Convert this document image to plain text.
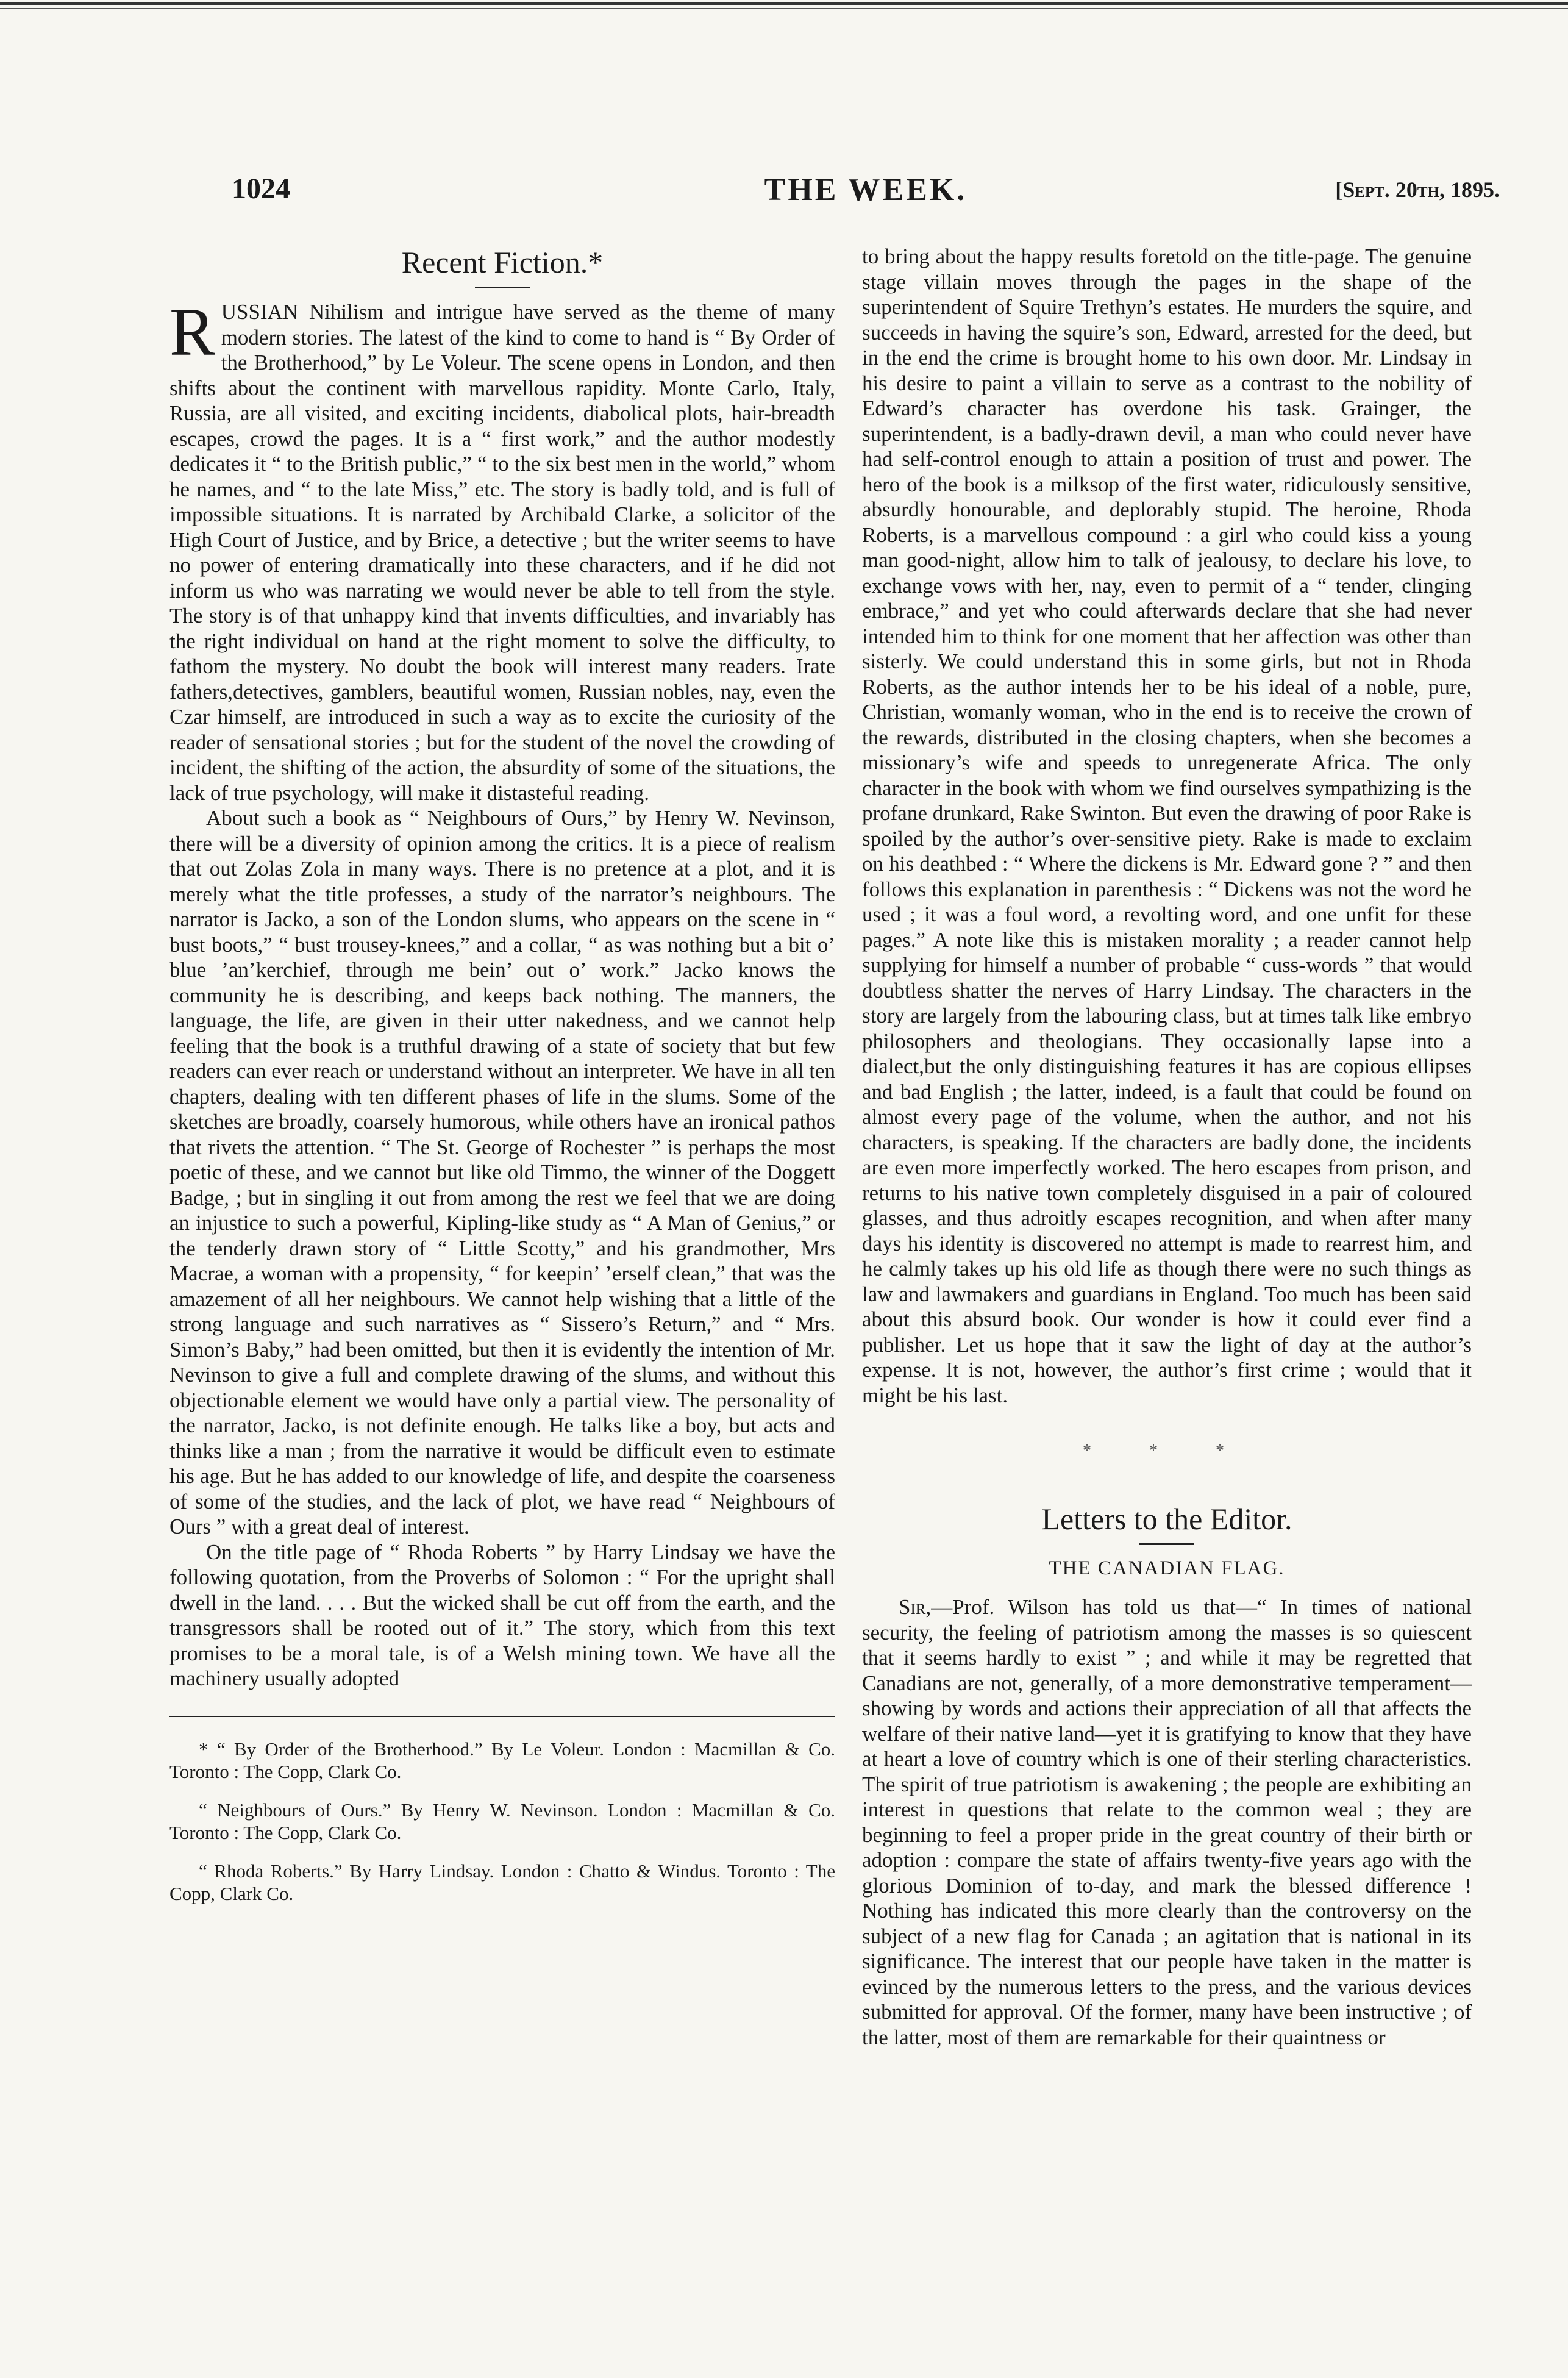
1024	THE WEEK.	[Sept. 20th, 1895.
Recent Fiction.*

RUSSIAN Nihilism and intrigue have served as the theme of many modern stories. The latest of the kind to come to hand is “ By Order of the Brotherhood,” by Le Voleur. The scene opens in London, and then shifts about the continent with marvellous rapidity. Monte Carlo, Italy, Russia, are all visited, and exciting incidents, diabolical plots, hair-breadth escapes, crowd the pages. It is a “ first work,” and the author modestly dedicates it “ to the British public,” “ to the six best men in the world,” whom he names, and “ to the late Miss,” etc. The story is badly told, and is full of impossible situations. It is narrated by Archibald Clarke, a solicitor of the High Court of Justice, and by Brice, a detective ; but the writer seems to have no power of entering dramatically into these characters, and if he did not inform us who was narrating we would never be able to tell from the style. The story is of that unhappy kind that invents difficulties, and invariably has the right individual on hand at the right moment to solve the difficulty, to fathom the mystery. No doubt the book will interest many readers. Irate fathers,detectives, gamblers, beautiful women, Russian nobles, nay, even the Czar himself, are introduced in such a way as to excite the curiosity of the reader of sensational stories ; but for the student of the novel the crowding of incident, the shifting of the action, the absurdity of some of the situations, the lack of true psychology, will make it distasteful reading.

About such a book as “ Neighbours of Ours,” by Henry W. Nevinson, there will be a diversity of opinion among the critics. It is a piece of realism that out Zolas Zola in many ways. There is no pretence at a plot, and it is merely what the title professes, a study of the narrator’s neighbours. The narrator is Jacko, a son of the London slums, who appears on the scene in “ bust boots,” “ bust trousey-knees,” and a collar, “ as was nothing but a bit o’ blue ’an’kerchief, through me bein’ out o’ work.” Jacko knows the community he is describing, and keeps back nothing. The manners, the language, the life, are given in their utter nakedness, and we cannot help feeling that the book is a truthful drawing of a state of society that but few readers can ever reach or understand without an interpreter. We have in all ten chapters, dealing with ten different phases of life in the slums. Some of the sketches are broadly, coarsely humorous, while others have an ironical pathos that rivets the attention. “ The St. George of Rochester ” is perhaps the most poetic of these, and we cannot but like old Timmo, the winner of the Doggett Badge, ; but in singling it out from among the rest we feel that we are doing an injustice to such a powerful, Kipling-like study as “ A Man of Genius,” or the tenderly drawn story of “ Little Scotty,” and his grandmother, Mrs Macrae, a woman with a propensity, “ for keepin’ ’erself clean,” that was the amazement of all her neighbours. We cannot help wishing that a little of the strong language and such narratives as “ Sissero’s Return,” and “ Mrs. Simon’s Baby,” had been omitted, but then it is evidently the intention of Mr. Nevinson to give a full and complete drawing of the slums, and without this objectionable element we would have only a partial view. The personality of the narrator, Jacko, is not definite enough. He talks like a boy, but acts and thinks like a man ; from the narrative it would be difficult even to estimate his age. But he has added to our knowledge of life, and despite the coarseness of some of the studies, and the lack of plot, we have read “ Neighbours of Ours ” with a great deal of interest.

On the title page of “ Rhoda Roberts ” by Harry Lindsay we have the following quotation, from the Proverbs of Solomon : “ For the upright shall dwell in the land. . . . But the wicked shall be cut off from the earth, and the transgressors shall be rooted out of it.” The story, which from this text promises to be a moral tale, is of a Welsh mining town. We have all the machinery usually adopted

* “ By Order of the Brotherhood.” By Le Voleur. London : Macmillan & Co. Toronto : The Copp, Clark Co.

“ Neighbours of Ours.” By Henry W. Nevinson. London : Macmillan & Co. Toronto : The Copp, Clark Co.

“ Rhoda Roberts.” By Harry Lindsay. London : Chatto & Windus. Toronto : The Copp, Clark Co.

to bring about the happy results foretold on the title-page. The genuine stage villain moves through the pages in the shape of the superintendent of Squire Trethyn’s estates. He murders the squire, and succeeds in having the squire’s son, Edward, arrested for the deed, but in the end the crime is brought home to his own door. Mr. Lindsay in his desire to paint a villain to serve as a contrast to the nobility of Edward’s character has overdone his task. Grainger, the superintendent, is a badly-drawn devil, a man who could never have had self-control enough to attain a position of trust and power. The hero of the book is a milksop of the first water, ridiculously sensitive, absurdly honourable, and deplorably stupid. The heroine, Rhoda Roberts, is a marvellous compound : a girl who could kiss a young man good-night, allow him to talk of jealousy, to declare his love, to exchange vows with her, nay, even to permit of a “ tender, clinging embrace,” and yet who could afterwards declare that she had never intended him to think for one moment that her affection was other than sisterly. We could understand this in some girls, but not in Rhoda Roberts, as the author intends her to be his ideal of a noble, pure, Christian, womanly woman, who in the end is to receive the crown of the rewards, distributed in the closing chapters, when she becomes a missionary’s wife and speeds to unregenerate Africa. The only character in the book with whom we find ourselves sympathizing is the profane drunkard, Rake Swinton. But even the drawing of poor Rake is spoiled by the author’s over-sensitive piety. Rake is made to exclaim on his deathbed : “ Where the dickens is Mr. Edward gone ? ” and then follows this explanation in parenthesis : “ Dickens was not the word he used ; it was a foul word, a revolting word, and one unfit for these pages.” A note like this is mistaken morality ; a reader cannot help supplying for himself a number of probable “ cuss-words ” that would doubtless shatter the nerves of Harry Lindsay. The characters in the story are largely from the labouring class, but at times talk like embryo philosophers and theologians. They occasionally lapse into a dialect,but the only distinguishing features it has are copious ellipses and bad English ; the latter, indeed, is a fault that could be found on almost every page of the volume, when the author, and not his characters, is speaking. If the characters are badly done, the incidents are even more imperfectly worked. The hero escapes from prison, and returns to his native town completely disguised in a pair of coloured glasses, and thus adroitly escapes recognition, and when after many days his identity is discovered no attempt is made to rearrest him, and he calmly takes up his old life as though there were no such things as law and lawmakers and guardians in England. Too much has been said about this absurd book. Our wonder is how it could ever find a publisher. Let us hope that it saw the light of day at the author’s expense. It is not, however, the author’s first crime ; would that it might be his last.

* * *
Letters to the Editor.
THE CANADIAN FLAG.

Sir,—Prof. Wilson has told us that—“ In times of national security, the feeling of patriotism among the masses is so quiescent that it seems hardly to exist ” ; and while it may be regretted that Canadians are not, generally, of a more demonstrative temperament—showing by words and actions their appreciation of all that affects the welfare of their native land—yet it is gratifying to know that they have at heart a love of country which is one of their sterling characteristics. The spirit of true patriotism is awakening ; the people are exhibiting an interest in questions that relate to the common weal ; they are beginning to feel a proper pride in the great country of their birth or adoption : compare the state of affairs twenty-five years ago with the glorious Dominion of to-day, and mark the blessed difference ! Nothing has indicated this more clearly than the controversy on the subject of a new flag for Canada ; an agitation that is national in its significance. The interest that our people have taken in the matter is evinced by the numerous letters to the press, and the various devices submitted for approval. Of the former, many have been instructive ; of the latter, most of them are remarkable for their quaintness or
